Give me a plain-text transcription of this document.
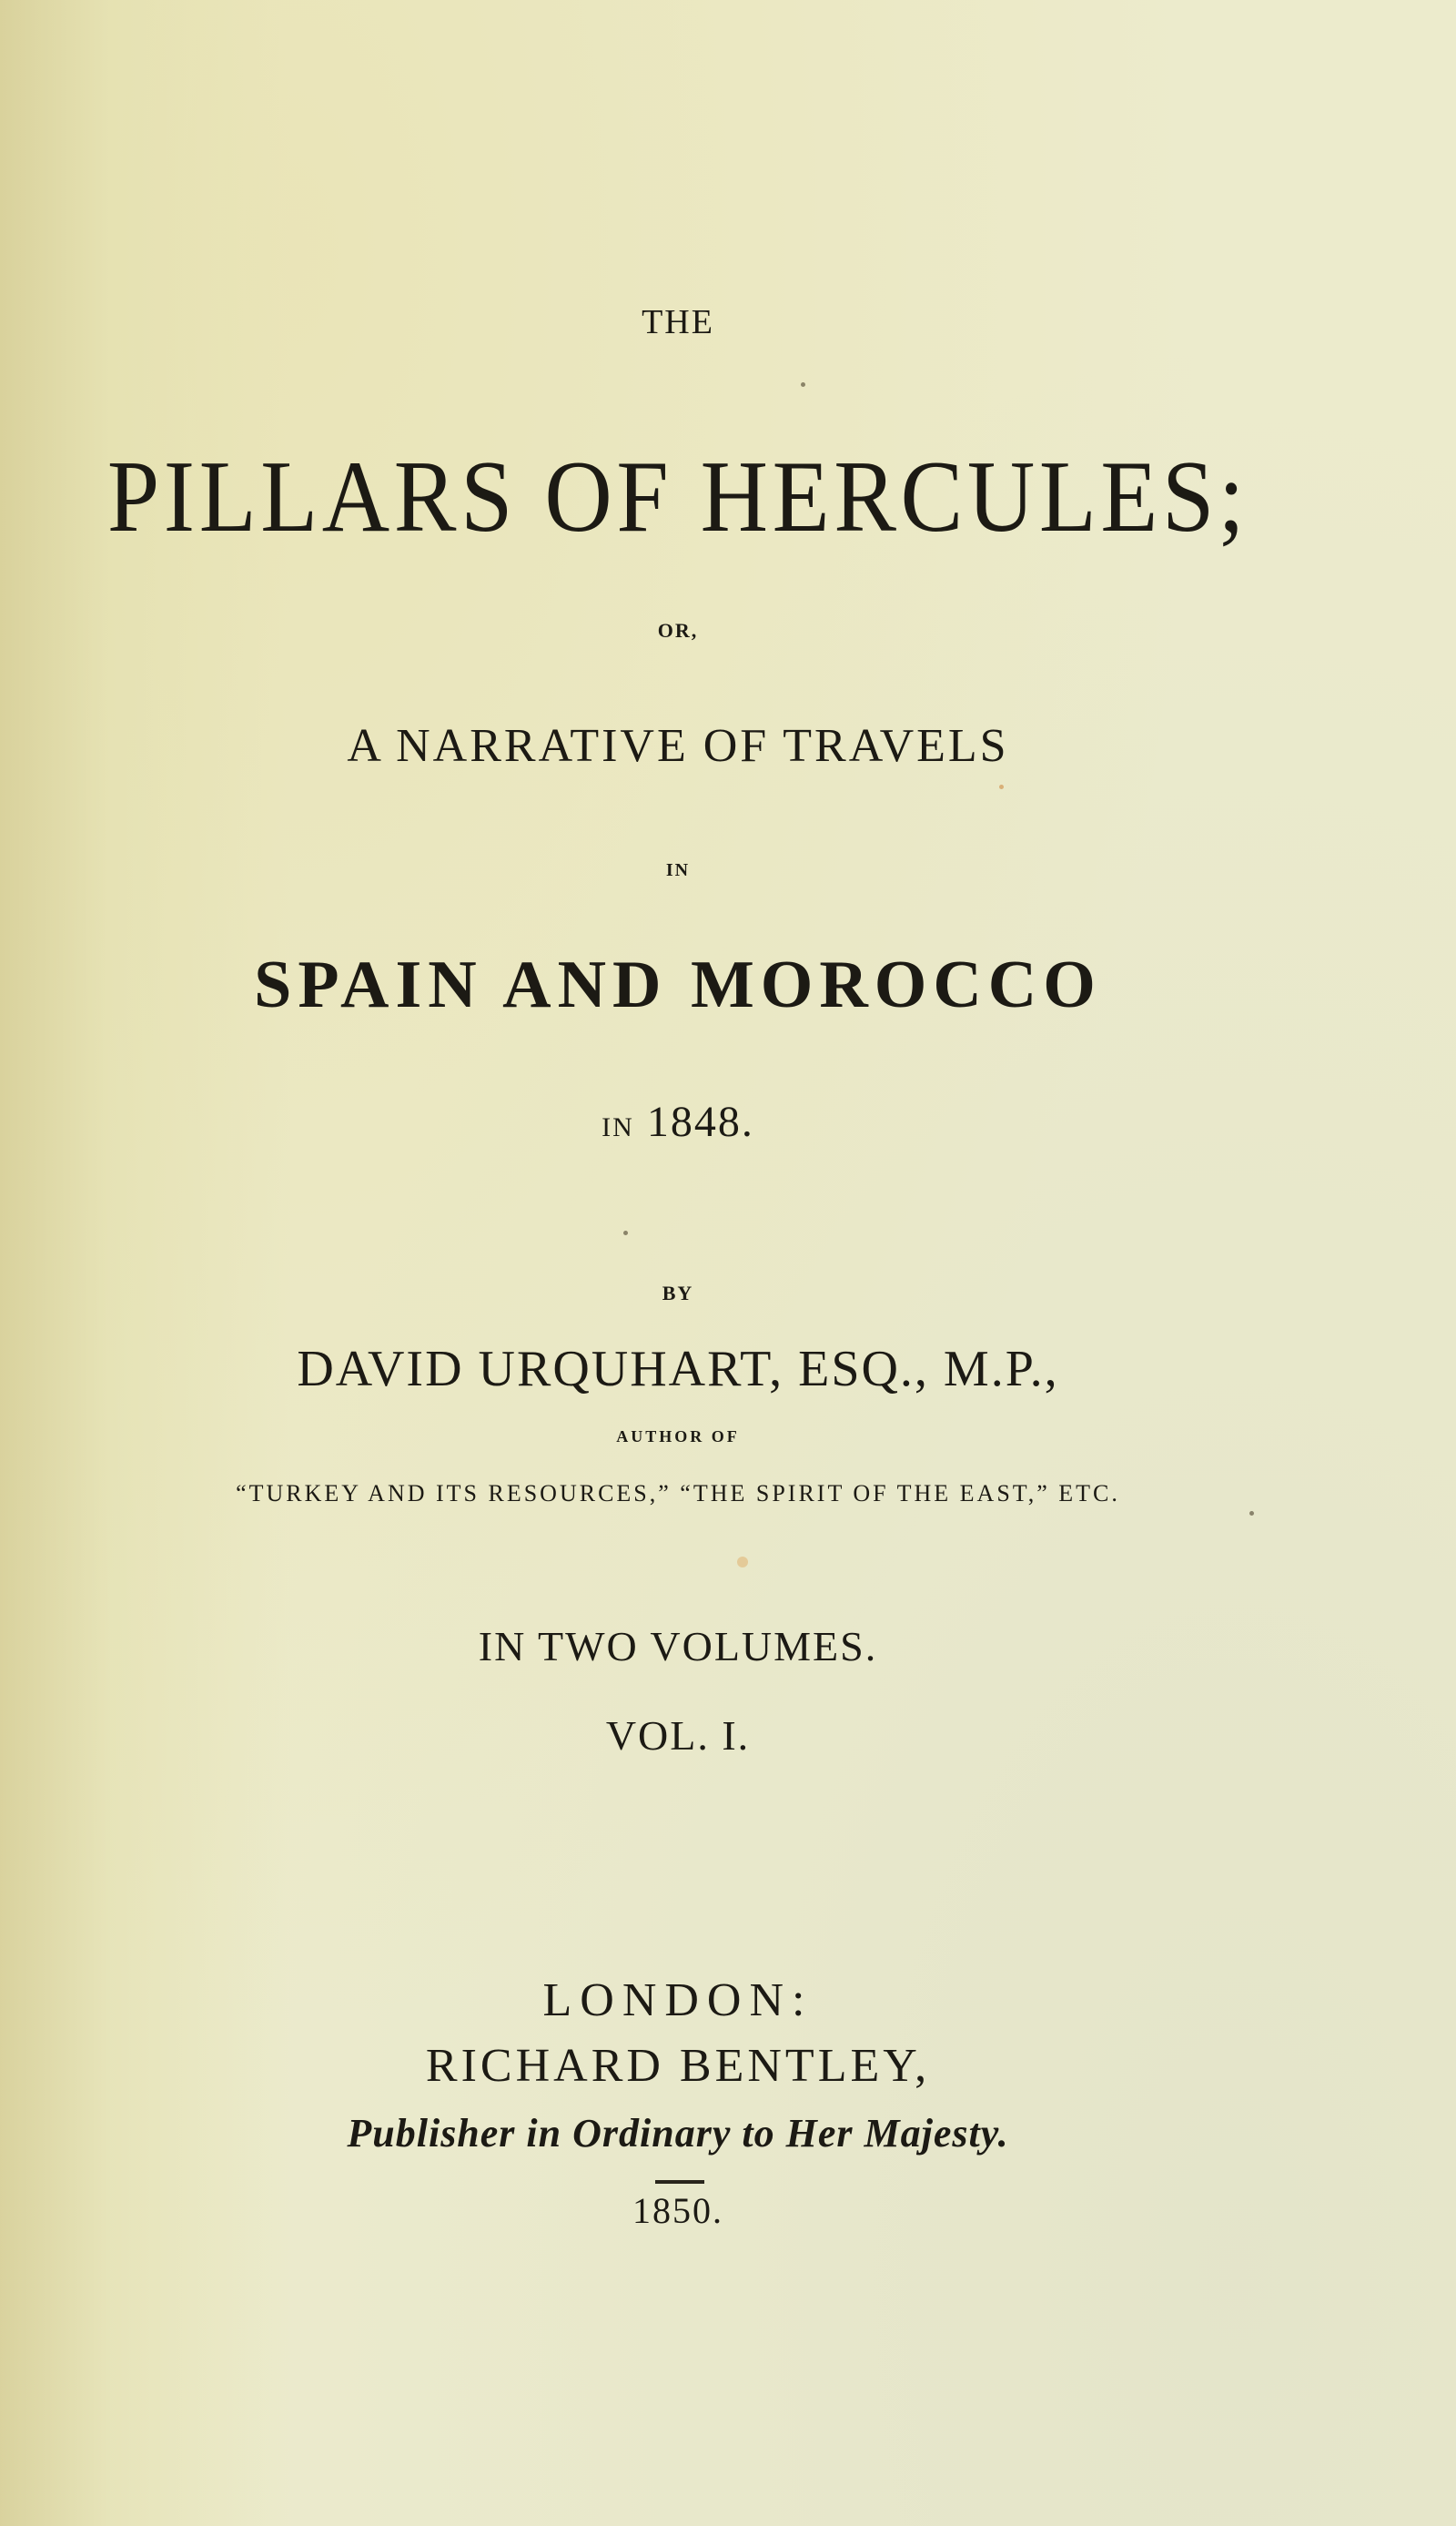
THE
PILLARS OF HERCULES;
OR,
A NARRATIVE OF TRAVELS
IN
SPAIN AND MOROCCO
IN 1848.
BY
DAVID URQUHART, ESQ., M.P.,
AUTHOR OF
“TURKEY AND ITS RESOURCES,” “THE SPIRIT OF THE EAST,” ETC.
IN TWO VOLUMES.
VOL. I.
LONDON:
RICHARD BENTLEY,
Publisher in Ordinary to Her Majesty.
1850.
